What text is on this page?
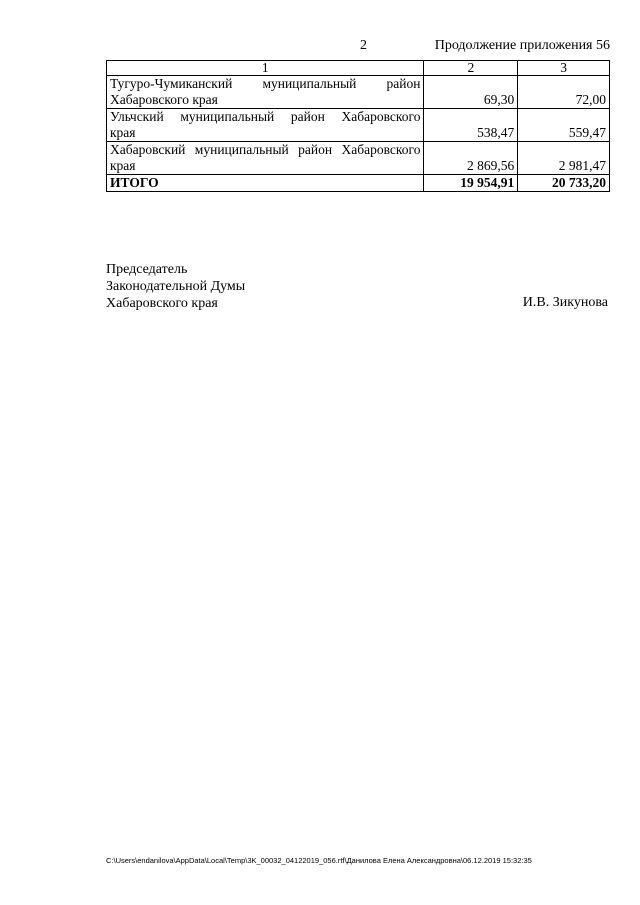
2	Продолжение приложения 56
1	2	3

Тугуро-Чумиканский муниципальный район
Хабаровского края	69,30	72,00

Ульчский муниципальный район Хабаровского
края	538,47	559,47

Хабаровский муниципальный район Хабаровского
края	2 869,56	2 981,47
ИТОГО	19 954,91	20 733,20
Председатель
Законодательной Думы
Хабаровского края	И.В. Зикунова
C:\Users\endanilova\AppData\Local\Temp\3K_00032_04122019_056.rtf\Данилова Елена Александровна\06.12.2019 15:32:35
